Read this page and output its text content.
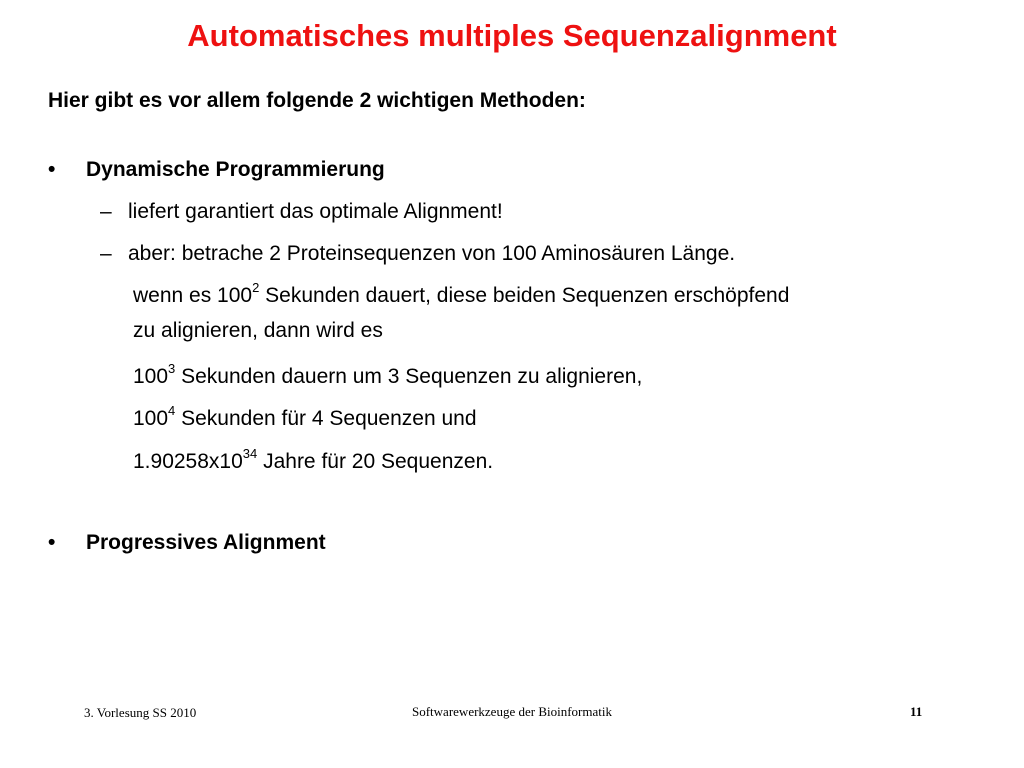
Automatisches multiples Sequenzalignment
Hier gibt es vor allem folgende 2 wichtigen Methoden:
•	Dynamische Programmierung
– liefert garantiert das optimale Alignment!
– aber: betrache 2 Proteinsequenzen von 100 Aminosäuren Länge.
wenn es $100^2$ Sekunden dauert, diese beiden Sequenzen erschöpfend
zu alignieren, dann wird es
$100^3$ Sekunden dauern um 3 Sequenzen zu alignieren,
$100^4$ Sekunden für 4 Sequenzen und
$1.90258x10^{34}$ Jahre für 20 Sequenzen.
•	Progressives Alignment
3. Vorlesung SS 2010	Softwarewerkzeuge der Bioinformatik	11
